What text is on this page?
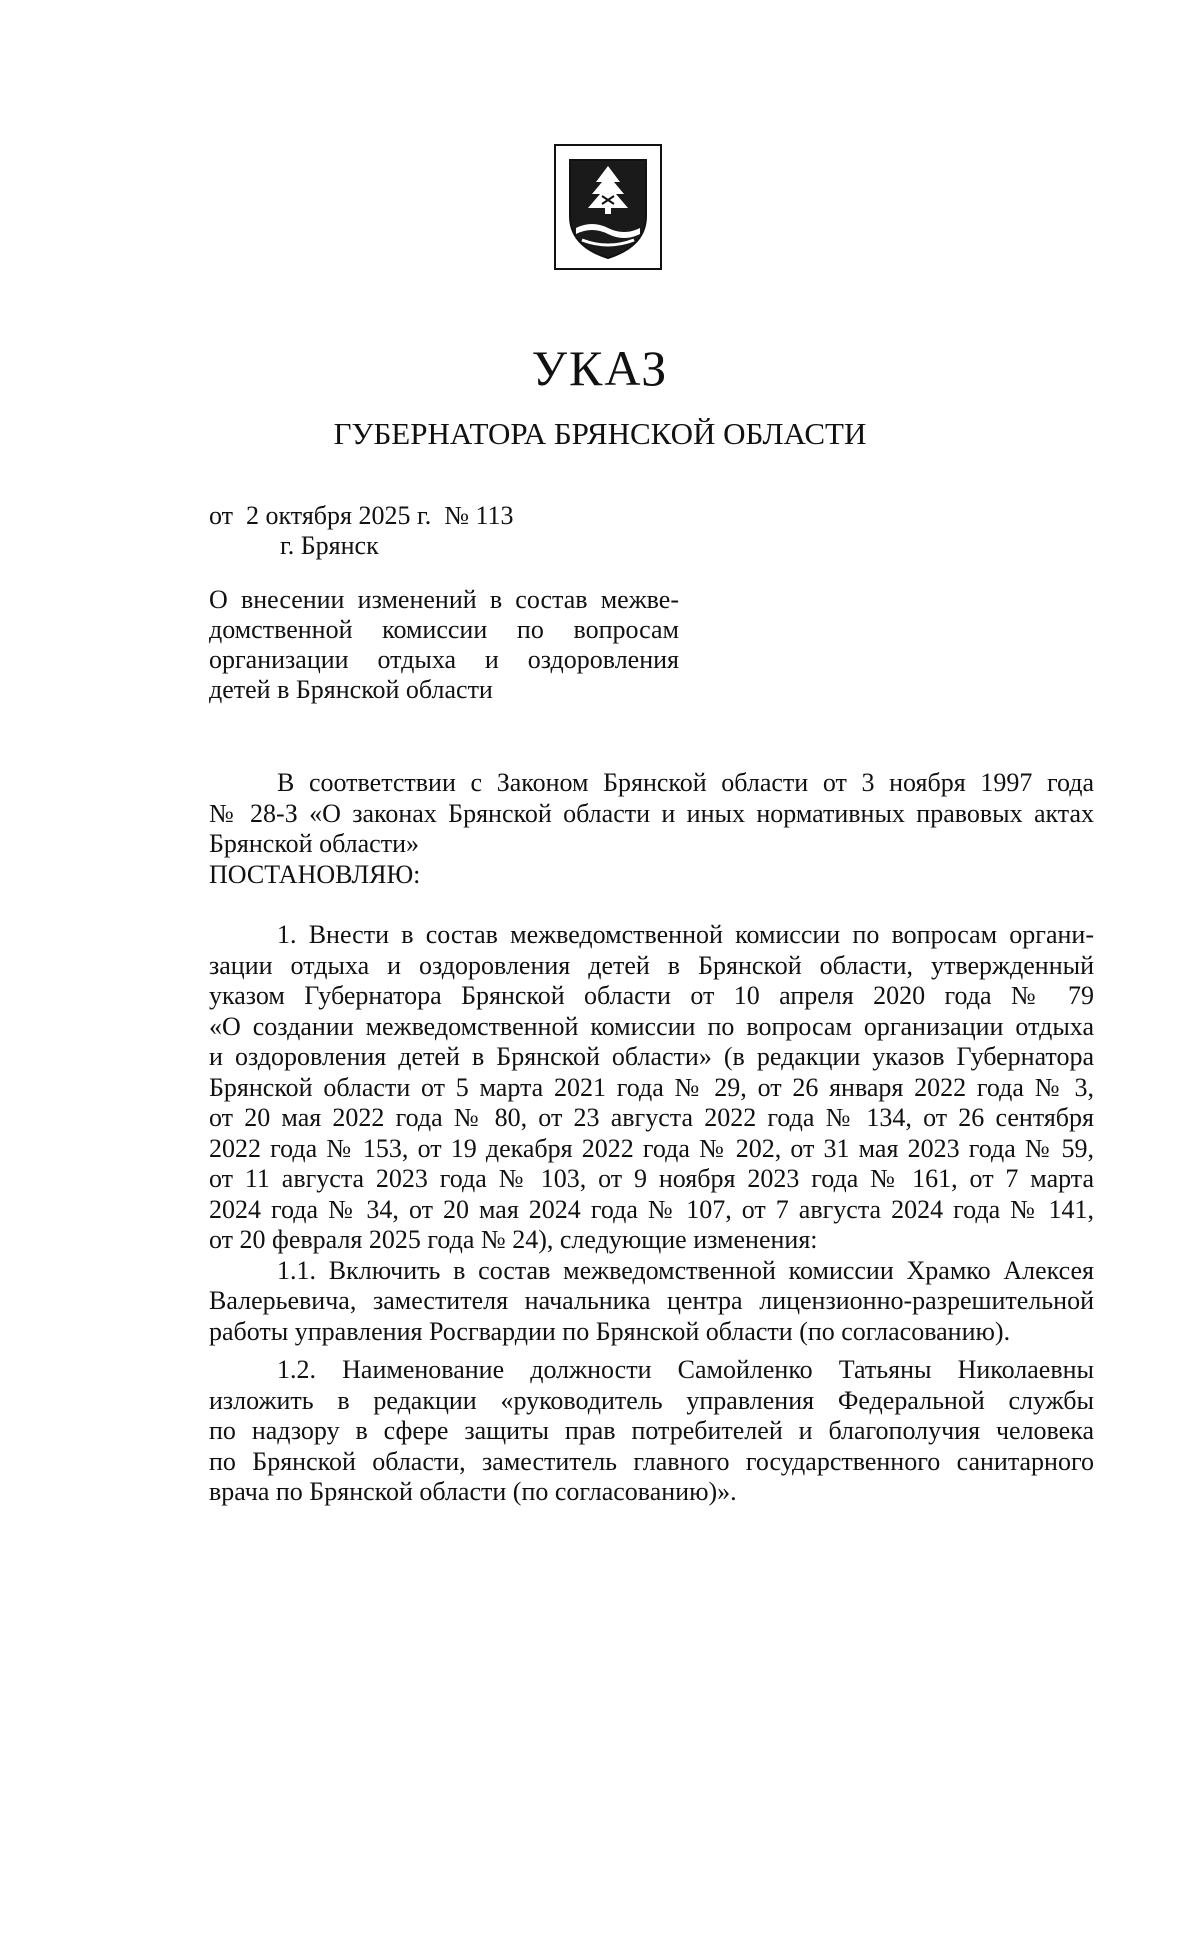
УКАЗ
ГУБЕРНАТОРА БРЯНСКОЙ ОБЛАСТИ
от  2 октября 2025 г.  № 113
г. Брянск
О внесении изменений в состав межве-
домственной комиссии по вопросам
организации отдыха и оздоровления
детей в Брянской области
В соответствии с Законом Брянской области от 3 ноября 1997 года
№ 28-З «О законах Брянской области и иных нормативных правовых актах
Брянской области»
ПОСТАНОВЛЯЮ:
1. Внести в состав межведомственной комиссии по вопросам органи-
зации отдыха и оздоровления детей в Брянской области, утвержденный
указом Губернатора Брянской области от 10 апреля 2020 года № 79
«О создании межведомственной комиссии по вопросам организации отдыха
и оздоровления детей в Брянской области» (в редакции указов Губернатора
Брянской области от 5 марта 2021 года № 29, от 26 января 2022 года № 3,
от 20 мая 2022 года № 80, от 23 августа 2022 года № 134, от 26 сентября
2022 года № 153, от 19 декабря 2022 года № 202, от 31 мая 2023 года № 59,
от 11 августа 2023 года № 103, от 9 ноября 2023 года № 161, от 7 марта
2024 года № 34, от 20 мая 2024 года № 107, от 7 августа 2024 года № 141,
от 20 февраля 2025 года № 24), следующие изменения:
1.1. Включить в состав межведомственной комиссии Храмко Алексея
Валерьевича, заместителя начальника центра лицензионно-разрешительной
работы управления Росгвардии по Брянской области (по согласованию).
1.2. Наименование должности Самойленко Татьяны Николаевны
изложить в редакции «руководитель управления Федеральной службы
по надзору в сфере защиты прав потребителей и благополучия человека
по Брянской области, заместитель главного государственного санитарного
врача по Брянской области (по согласованию)».
